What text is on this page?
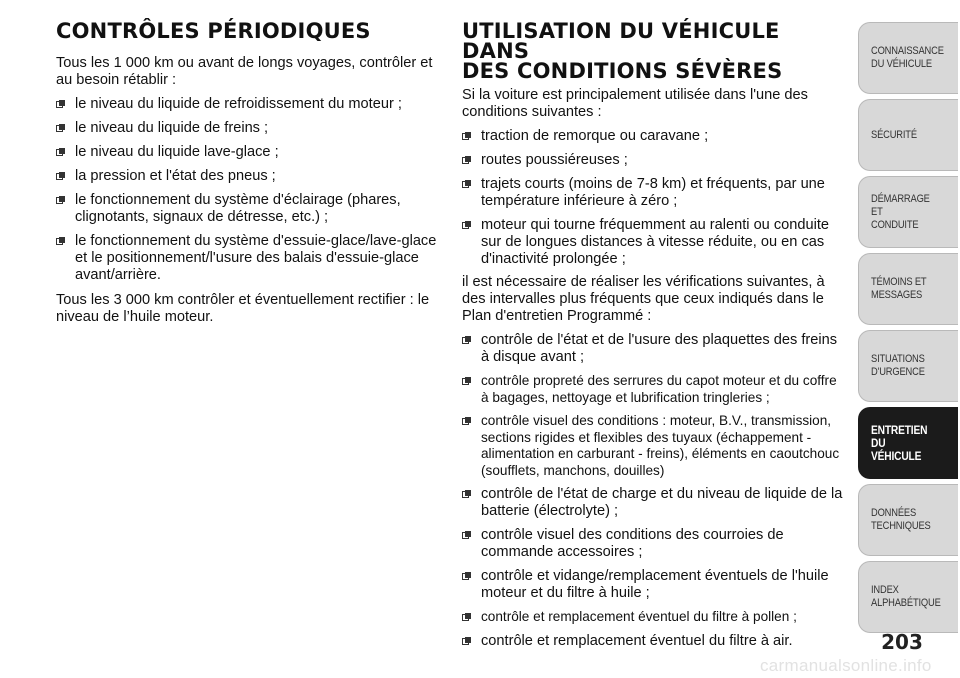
CONTRÔLES PÉRIODIQUES

Tous les 1 000 km ou avant de longs voyages, contrôler et au besoin rétablir :

le niveau du liquide de refroidissement du moteur ;
le niveau du liquide de freins ;
le niveau du liquide lave-glace ;
la pression et l'état des pneus ;
le fonctionnement du système d'éclairage (phares, clignotants, signaux de détresse, etc.) ;
le fonctionnement du système d'essuie-glace/lave-glace et le positionnement/l'usure des balais d'essuie-glace avant/arrière.

Tous les 3 000 km contrôler et éventuellement rectifier : le niveau de l’huile moteur.

UTILISATION DU VÉHICULE DANS
DES CONDITIONS SÉVÈRES

Si la voiture est principalement utilisée dans l'une des conditions suivantes :

traction de remorque ou caravane ;
routes poussiéreuses ;
trajets courts (moins de 7-8 km) et fréquents, par une température inférieure à zéro ;
moteur qui tourne fréquemment au ralenti ou conduite sur de longues distances à vitesse réduite, ou en cas d'inactivité prolongée ;

il est nécessaire de réaliser les vérifications suivantes, à des intervalles plus fréquents que ceux indiqués dans le Plan d'entretien Programmé :

contrôle de l'état et de l'usure des plaquettes des freins à disque avant ;
contrôle propreté des serrures du capot moteur et du coffre à bagages, nettoyage et lubrification tringleries ;
contrôle visuel des conditions : moteur, B.V., transmission, sections rigides et flexibles des tuyaux (échappement - alimentation en carburant - freins), éléments en caoutchouc (soufflets, manchons, douilles)
contrôle de l'état de charge et du niveau de liquide de la batterie (électrolyte) ;
contrôle visuel des conditions des courroies de commande accessoires ;
contrôle et vidange/remplacement éventuels de l'huile moteur et du filtre à huile ;
contrôle et remplacement éventuel du filtre à pollen ;
contrôle et remplacement éventuel du filtre à air.
CONNAISSANCE
DU VÉHICULE
SÉCURITÉ
DÉMARRAGE ET
CONDUITE
TÉMOINS ET
MESSAGES
SITUATIONS
D'URGENCE
ENTRETIEN DU
VÉHICULE
DONNÉES
TECHNIQUES
INDEX
ALPHABÉTIQUE
203
carmanualsonline.info
